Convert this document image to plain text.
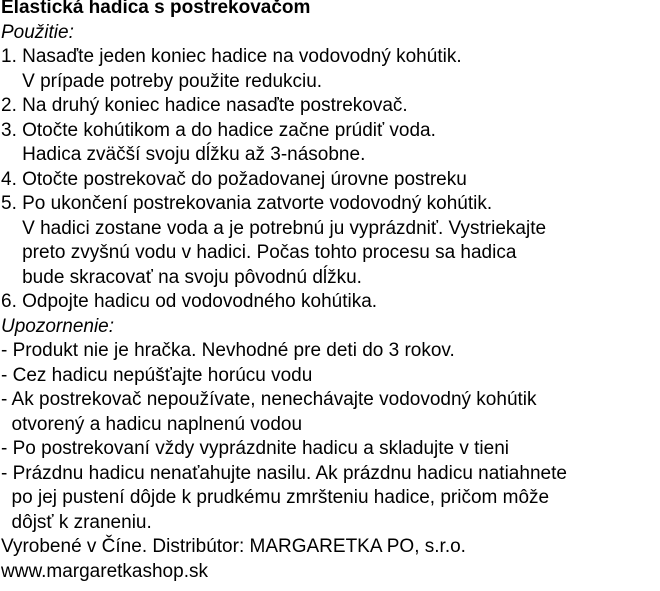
Elastická hadica s postrekovačom
Použitie:
1. Nasaďte jeden koniec hadice na vodovodný kohútik.
V prípade potreby použite redukciu.
2. Na druhý koniec hadice nasaďte postrekovač.
3. Otočte kohútikom a do hadice začne prúdiť voda.
Hadica zväčší svoju dĺžku až 3-násobne.
4. Otočte postrekovač do požadovanej úrovne postreku
5. Po ukončení postrekovania zatvorte vodovodný kohútik.
V hadici zostane voda a je potrebnú ju vyprázdniť. Vystriekajte
preto zvyšnú vodu v hadici. Počas tohto procesu sa hadica
bude skracovať na svoju pôvodnú dĺžku.
6. Odpojte hadicu od vodovodného kohútika.
Upozornenie:
- Produkt nie je hračka. Nevhodné pre deti do 3 rokov.
- Cez hadicu nepúšťajte horúcu vodu
- Ak postrekovač nepoužívate, nenechávajte vodovodný kohútik
otvorený a hadicu naplnenú vodou
- Po postrekovaní vždy vyprázdnite hadicu a skladujte v tieni
- Prázdnu hadicu nenaťahujte nasilu. Ak prázdnu hadicu natiahnete
po jej pustení dôjde k prudkému zmršteniu hadice, pričom môže
dôjsť k zraneniu.
Vyrobené v Číne. Distribútor: MARGARETKA PO, s.r.o.
www.margaretkashop.sk
